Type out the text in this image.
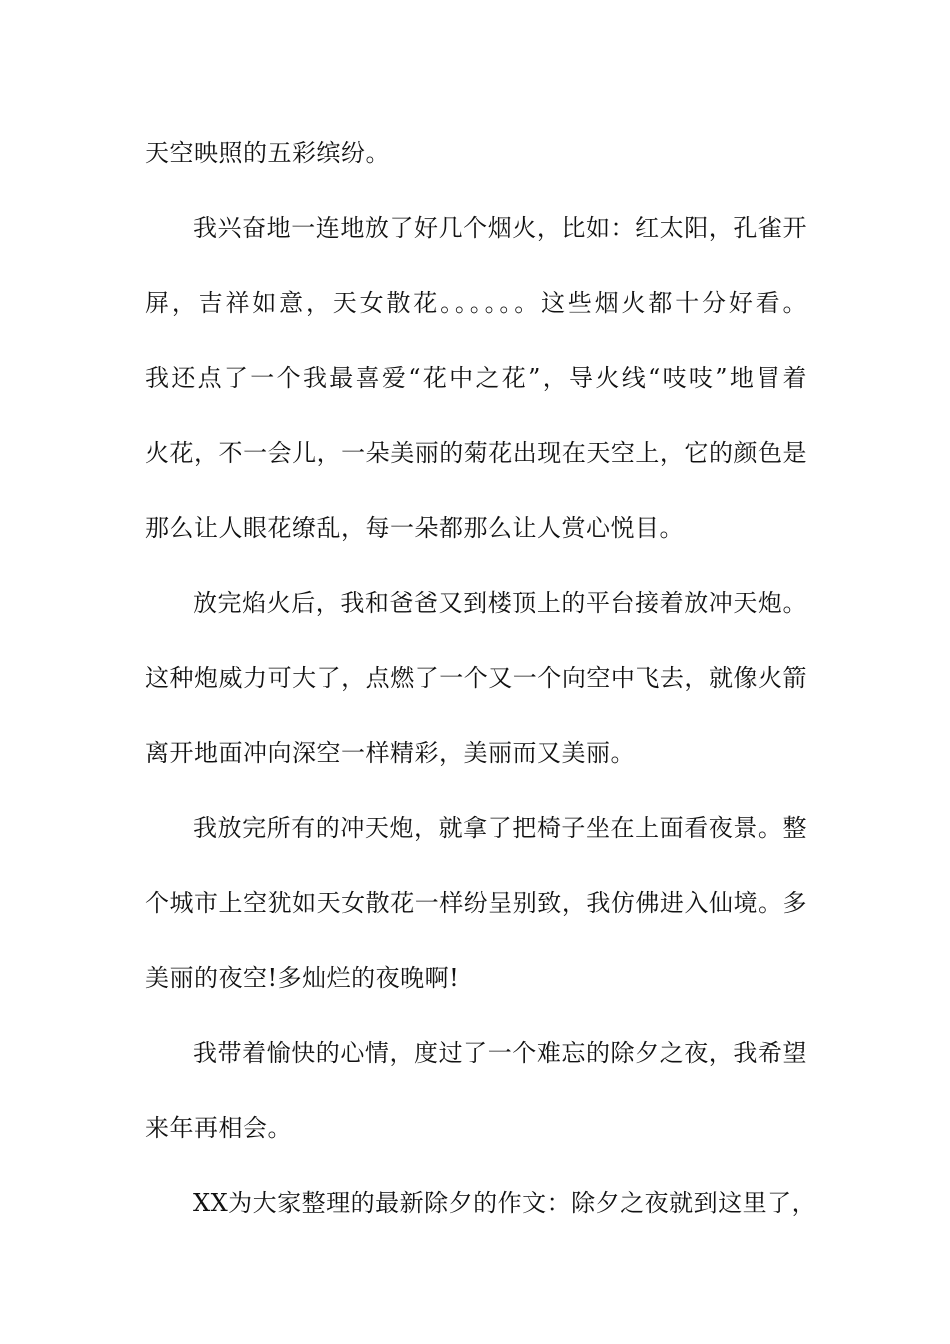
天空映照的五彩缤纷。
我兴奋地一连地放了好几个烟火，比如：红太阳，孔雀开
屏，吉祥如意，天女散花。。。。。。这些烟火都十分好看。
我还点了一个我最喜爱“花中之花”，导火线“吱吱”地冒着
火花，不一会儿，一朵美丽的菊花出现在天空上，它的颜色是
那么让人眼花缭乱，每一朵都那么让人赏心悦目。
放完焰火后，我和爸爸又到楼顶上的平台接着放冲天炮。
这种炮威力可大了，点燃了一个又一个向空中飞去，就像火箭
离开地面冲向深空一样精彩，美丽而又美丽。
我放完所有的冲天炮，就拿了把椅子坐在上面看夜景。整
个城市上空犹如天女散花一样纷呈别致，我仿佛进入仙境。多
美丽的夜空!多灿烂的夜晚啊!
我带着愉快的心情，度过了一个难忘的除夕之夜，我希望
来年再相会。
XX为大家整理的最新除夕的作文：除夕之夜就到这里了，
